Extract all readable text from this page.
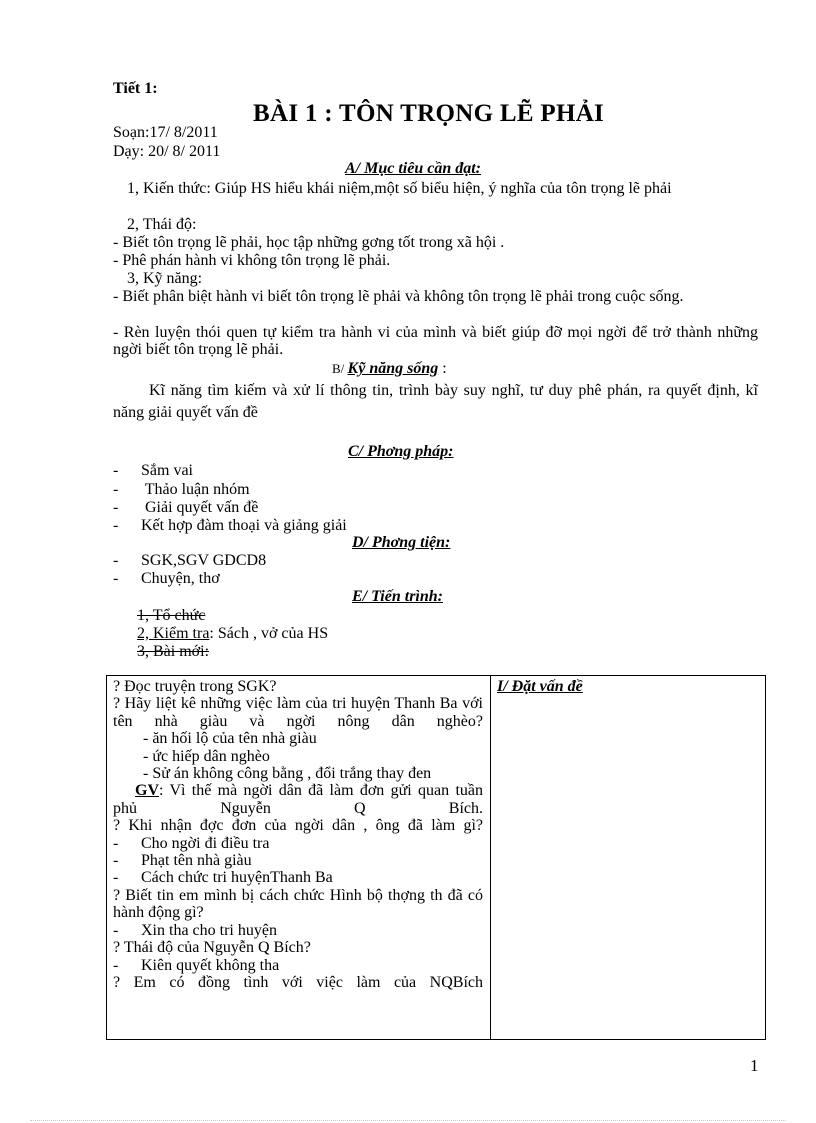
Tiết 1:
BÀI 1 : TÔN TRỌNG LẼ PHẢI
Soạn:17/ 8/2011
Dạy: 20/ 8/ 2011
A/ Mục tiêu cần đạt:
1, Kiến thức: Giúp HS hiểu khái niệm,một số biểu hiện, ý nghĩa của tôn trọng lẽ phải
2, Thái độ:
- Biết tôn trọng lẽ phải, học tập những gơng tốt trong xã hội .
- Phê phán hành vi không tôn trọng lẽ phải.
3, Kỹ năng:
- Biết phân biệt hành vi biết tôn trọng lẽ phải và không tôn trọng lẽ phải trong cuộc sống.
- Rèn luyện thói quen tự kiểm tra hành vi của mình và biết giúp đỡ mọi ngời để trở thành những ngời biết tôn trọng lẽ phải.
B/ Kỹ năng sống :
Kĩ năng tìm kiếm và xử lí thông tin, trình bày suy nghĩ, tư duy phê phán, ra quyết định, kĩ năng giải quyết vấn đề
C/ Phơng pháp:
- Sắm vai
- Thảo luận nhóm
- Giải quyết vấn đề
- Kết hợp đàm thoại và giảng giải
D/ Phơng tiện:
- SGK,SGV GDCD8
- Chuyện, thơ
E/ Tiến trình:
1, Tổ chức
2, Kiểm tra: Sách , vở của HS
3, Bài mới:
? Đọc truyện trong SGK?
? Hãy liệt kê những việc làm của tri huyện Thanh Ba với tên nhà giàu và ngời nông dân nghèo?
- ăn hối lộ của tên nhà giàu
- ức hiếp dân nghèo
- Sử án không công bằng , đổi trắng thay đen
GV: Vì thế mà ngời dân đã làm đơn gửi quan tuần phủ Nguyễn Q Bích.
? Khi nhận đợc đơn của ngời dân , ông đã làm gì?
- Cho ngời đi điều tra
- Phạt tên nhà giàu
- Cách chức tri huyệnThanh Ba
? Biết tin em mình bị cách chức Hình bộ thợng th đã có hành động gì?
- Xin tha cho tri huyện
? Thái độ của Nguyễn Q Bích?
- Kiên quyết không tha
? Em có đồng tình với việc làm của NQBích
I/ Đặt vấn đề
1
